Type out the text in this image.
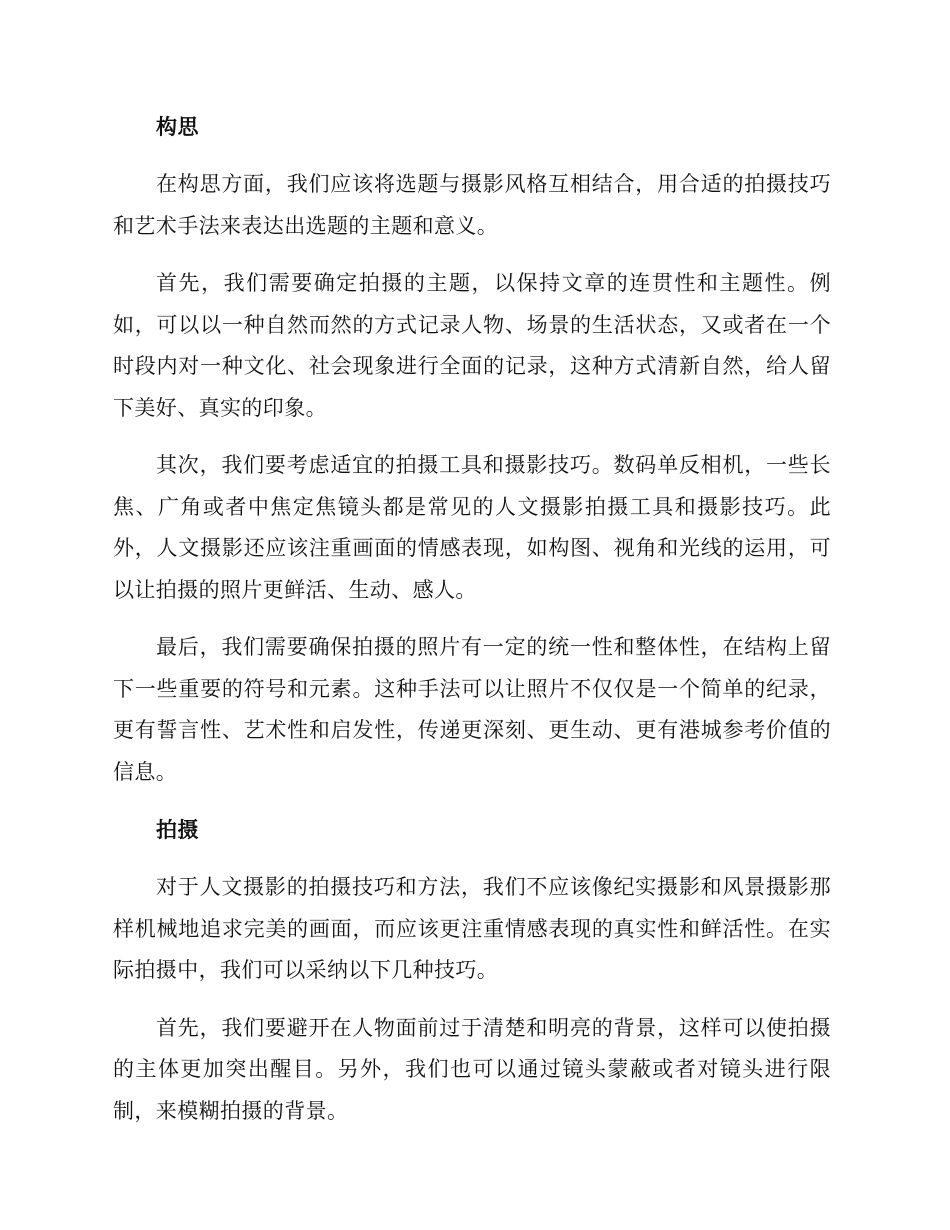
构思

在构思方面，我们应该将选题与摄影风格互相结合，用合适的拍摄技巧和艺术手法来表达出选题的主题和意义。

首先，我们需要确定拍摄的主题，以保持文章的连贯性和主题性。例如，可以以一种自然而然的方式记录人物、场景的生活状态，又或者在一个时段内对一种文化、社会现象进行全面的记录，这种方式清新自然，给人留下美好、真实的印象。

其次，我们要考虑适宜的拍摄工具和摄影技巧。数码单反相机，一些长焦、广角或者中焦定焦镜头都是常见的人文摄影拍摄工具和摄影技巧。此外，人文摄影还应该注重画面的情感表现，如构图、视角和光线的运用，可以让拍摄的照片更鲜活、生动、感人。

最后，我们需要确保拍摄的照片有一定的统一性和整体性，在结构上留下一些重要的符号和元素。这种手法可以让照片不仅仅是一个简单的纪录，更有誓言性、艺术性和启发性，传递更深刻、更生动、更有港城参考价值的信息。

拍摄

对于人文摄影的拍摄技巧和方法，我们不应该像纪实摄影和风景摄影那样机械地追求完美的画面，而应该更注重情感表现的真实性和鲜活性。在实际拍摄中，我们可以采纳以下几种技巧。

首先，我们要避开在人物面前过于清楚和明亮的背景，这样可以使拍摄的主体更加突出醒目。另外，我们也可以通过镜头蒙蔽或者对镜头进行限制，来模糊拍摄的背景。
